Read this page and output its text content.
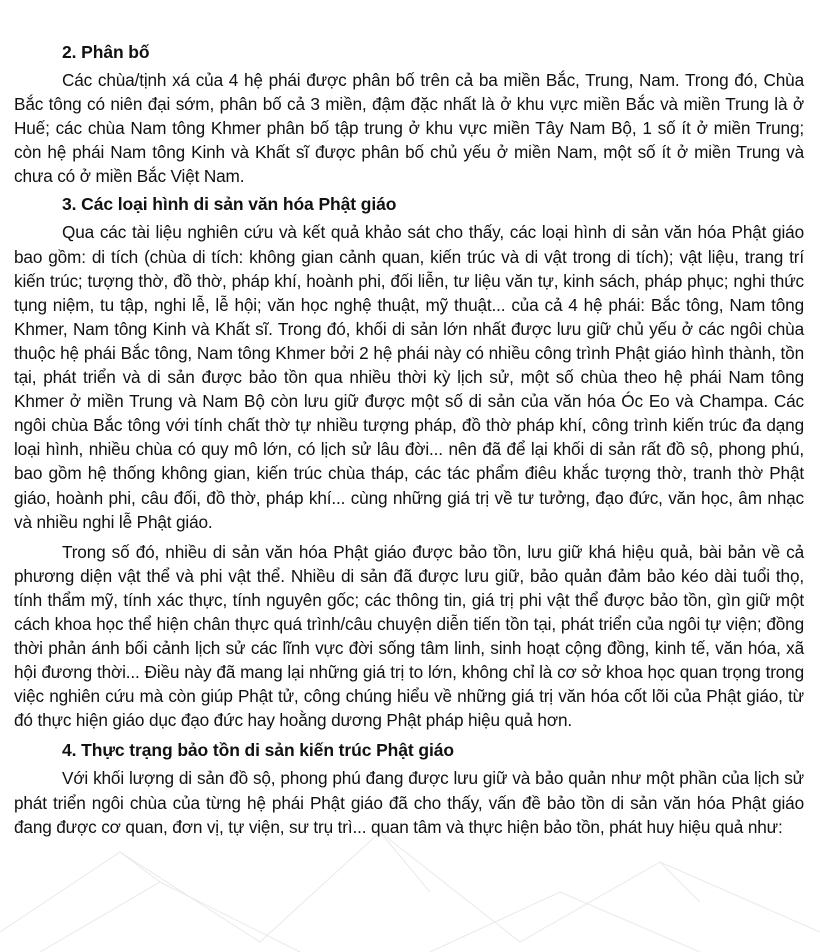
2. Phân bố

Các chùa/tịnh xá của 4 hệ phái được phân bố trên cả ba miền Bắc, Trung, Nam. Trong đó, Chùa Bắc tông có niên đại sớm, phân bố cả 3 miền, đậm đặc nhất là ở khu vực miền Bắc và miền Trung là ở Huế; các chùa Nam tông Khmer phân bố tập trung ở khu vực miền Tây Nam Bộ, 1 số ít ở miền Trung; còn hệ phái Nam tông Kinh và Khất sĩ được phân bố chủ yếu ở miền Nam, một số ít ở miền Trung và chưa có ở miền Bắc Việt Nam.

3. Các loại hình di sản văn hóa Phật giáo

Qua các tài liệu nghiên cứu và kết quả khảo sát cho thấy, các loại hình di sản văn hóa Phật giáo bao gồm: di tích (chùa di tích: không gian cảnh quan, kiến trúc và di vật trong di tích); vật liệu, trang trí kiến trúc; tượng thờ, đồ thờ, pháp khí, hoành phi, đối liễn, tư liệu văn tự, kinh sách, pháp phục; nghi thức tụng niệm, tu tập, nghi lễ, lễ hội; văn học nghệ thuật, mỹ thuật... của cả 4 hệ phái: Bắc tông, Nam tông Khmer, Nam tông Kinh và Khất sĩ. Trong đó, khối di sản lớn nhất được lưu giữ chủ yếu ở các ngôi chùa thuộc hệ phái Bắc tông, Nam tông Khmer bởi 2 hệ phái này có nhiều công trình Phật giáo hình thành, tồn tại, phát triển và di sản được bảo tồn qua nhiều thời kỳ lịch sử, một số chùa theo hệ phái Nam tông Khmer ở miền Trung và Nam Bộ còn lưu giữ được một số di sản của văn hóa Óc Eo và Champa. Các ngôi chùa Bắc tông với tính chất thờ tự nhiều tượng pháp, đồ thờ pháp khí, công trình kiến trúc đa dạng loại hình, nhiều chùa có quy mô lớn, có lịch sử lâu đời... nên đã để lại khối di sản rất đồ sộ, phong phú, bao gồm hệ thống không gian, kiến trúc chùa tháp, các tác phẩm điêu khắc tượng thờ, tranh thờ Phật giáo, hoành phi, câu đối, đồ thờ, pháp khí... cùng những giá trị về tư tưởng, đạo đức, văn học, âm nhạc và nhiều nghi lễ Phật giáo.

Trong số đó, nhiều di sản văn hóa Phật giáo được bảo tồn, lưu giữ khá hiệu quả, bài bản về cả phương diện vật thể và phi vật thể. Nhiều di sản đã được lưu giữ, bảo quản đảm bảo kéo dài tuổi thọ, tính thẩm mỹ, tính xác thực, tính nguyên gốc; các thông tin, giá trị phi vật thể được bảo tồn, gìn giữ một cách khoa học thể hiện chân thực quá trình/câu chuyện diễn tiến tồn tại, phát triển của ngôi tự viện; đồng thời phản ánh bối cảnh lịch sử các lĩnh vực đời sống tâm linh, sinh hoạt cộng đồng, kinh tế, văn hóa, xã hội đương thời... Điều này đã mang lại những giá trị to lớn, không chỉ là cơ sở khoa học quan trọng trong việc nghiên cứu mà còn giúp Phật tử, công chúng hiểu về những giá trị văn hóa cốt lõi của Phật giáo, từ đó thực hiện giáo dục đạo đức hay hoằng dương Phật pháp hiệu quả hơn.

4. Thực trạng bảo tồn di sản kiến trúc Phật giáo

Với khối lượng di sản đồ sộ, phong phú đang được lưu giữ và bảo quản như một phần của lịch sử phát triển ngôi chùa của từng hệ phái Phật giáo đã cho thấy, vấn đề bảo tồn di sản văn hóa Phật giáo đang được cơ quan, đơn vị, tự viện, sư trụ trì... quan tâm và thực hiện bảo tồn, phát huy hiệu quả như:
